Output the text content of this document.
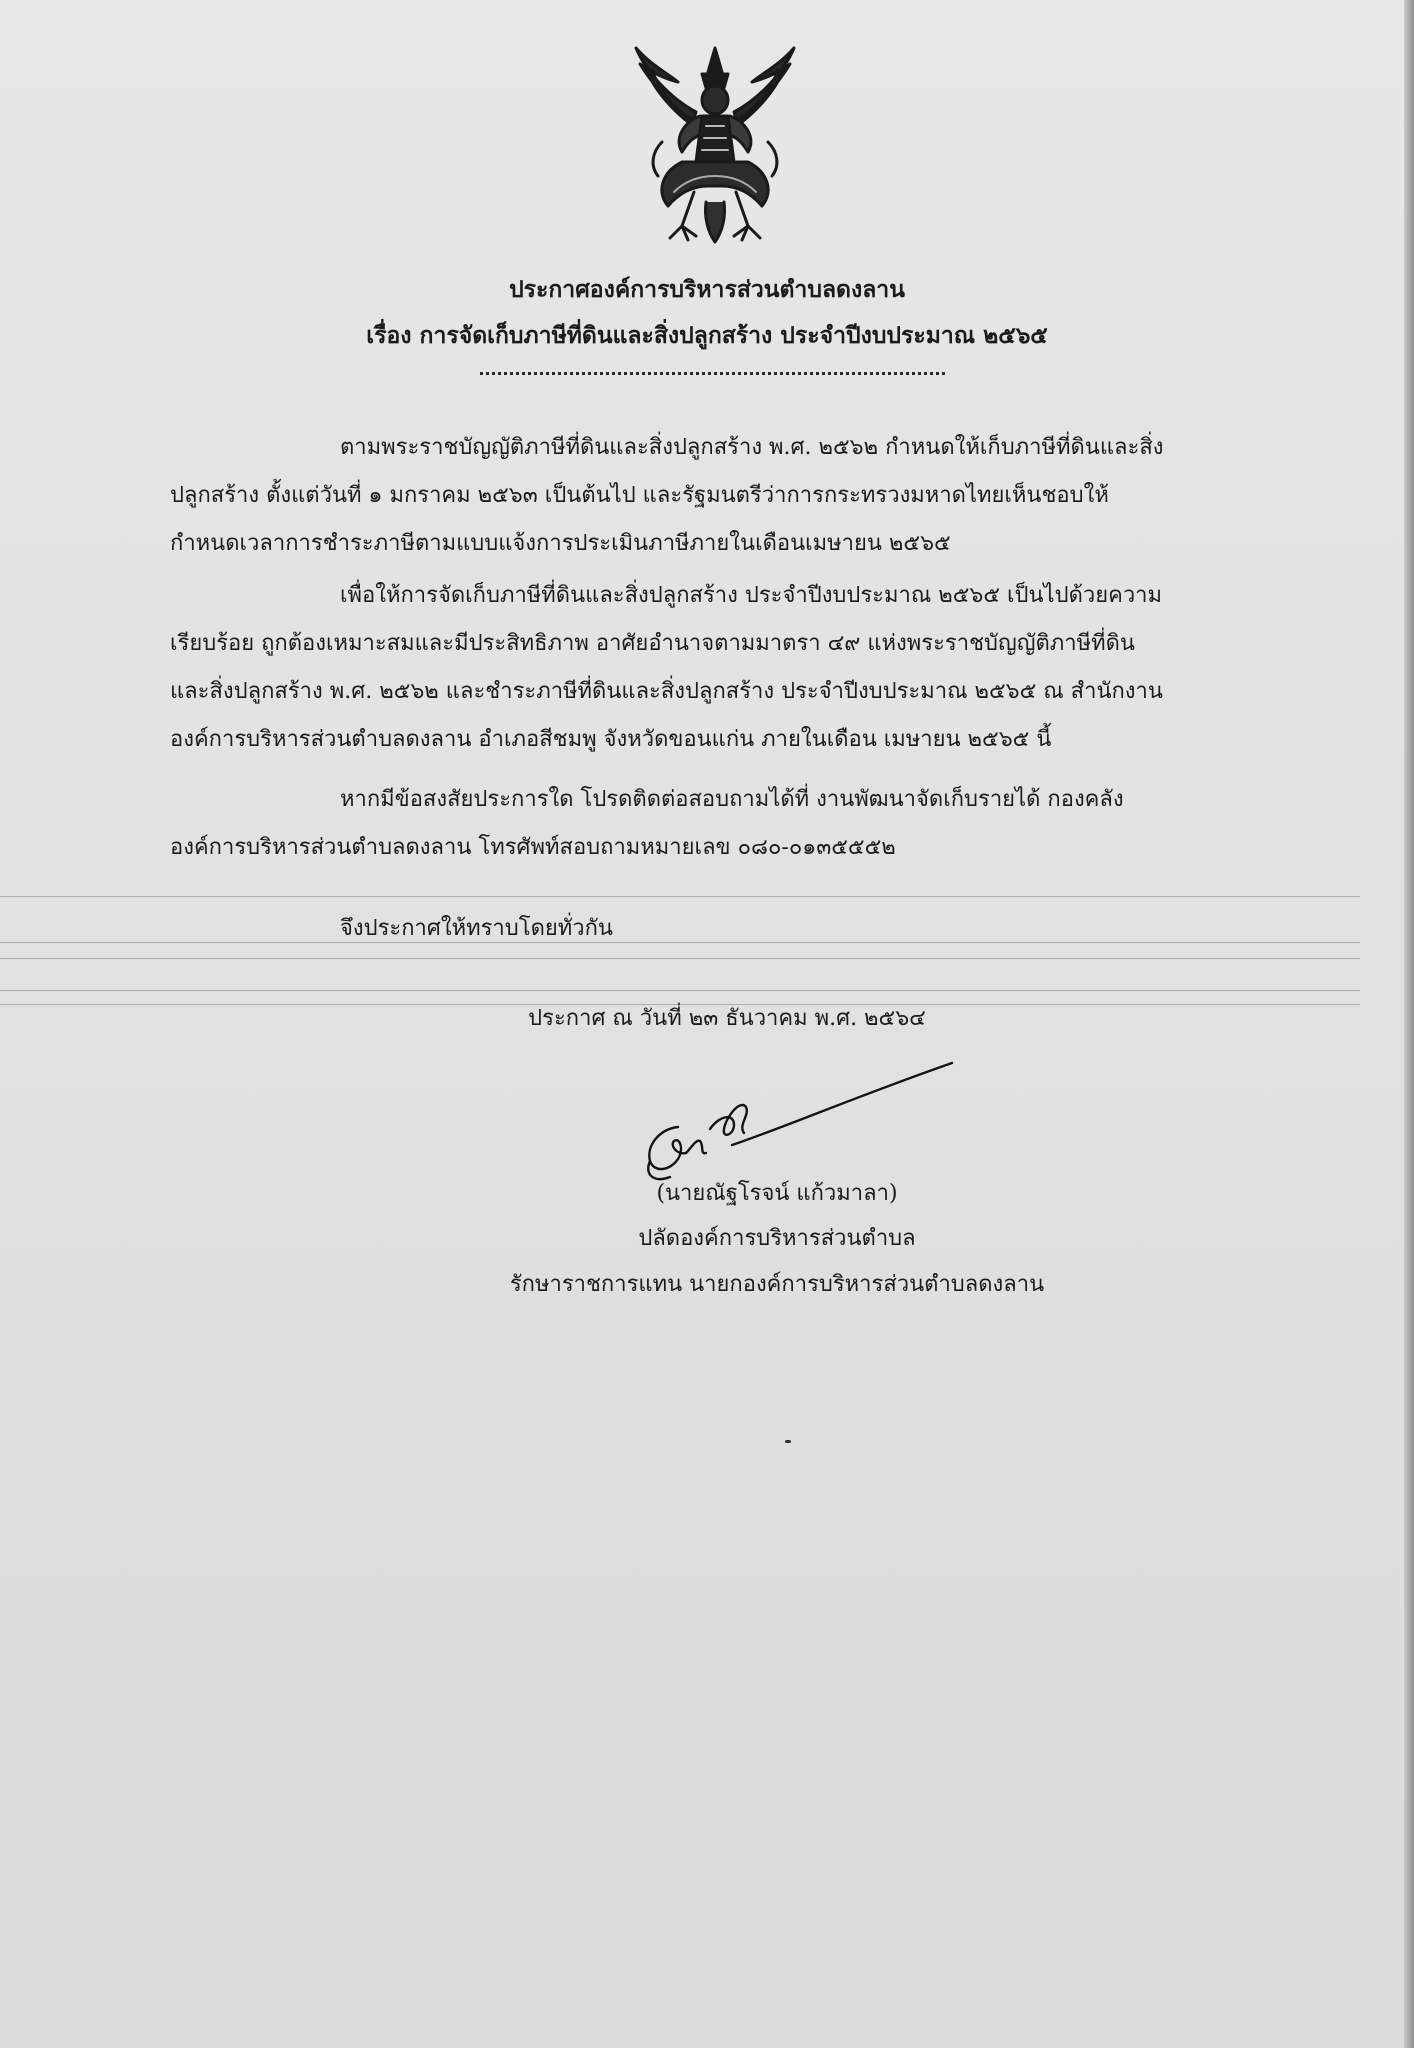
ประกาศองค์การบริหารส่วนตำบลดงลาน
เรื่อง การจัดเก็บภาษีที่ดินและสิ่งปลูกสร้าง ประจำปีงบประมาณ ๒๕๖๕
ตามพระราชบัญญัติภาษีที่ดินและสิ่งปลูกสร้าง พ.ศ. ๒๕๖๒ กำหนดให้เก็บภาษีที่ดินและสิ่ง
ปลูกสร้าง ตั้งแต่วันที่ ๑ มกราคม ๒๕๖๓ เป็นต้นไป และรัฐมนตรีว่าการกระทรวงมหาดไทยเห็นชอบให้
กำหนดเวลาการชำระภาษีตามแบบแจ้งการประเมินภาษีภายในเดือนเมษายน ๒๕๖๕
เพื่อให้การจัดเก็บภาษีที่ดินและสิ่งปลูกสร้าง ประจำปีงบประมาณ ๒๕๖๕ เป็นไปด้วยความ
เรียบร้อย ถูกต้องเหมาะสมและมีประสิทธิภาพ อาศัยอำนาจตามมาตรา ๔๙ แห่งพระราชบัญญัติภาษีที่ดิน
และสิ่งปลูกสร้าง พ.ศ. ๒๕๖๒ และชำระภาษีที่ดินและสิ่งปลูกสร้าง ประจำปีงบประมาณ ๒๕๖๕ ณ สำนักงาน
องค์การบริหารส่วนตำบลดงลาน อำเภอสีชมพู จังหวัดขอนแก่น ภายในเดือน เมษายน ๒๕๖๕ นี้
หากมีข้อสงสัยประการใด โปรดติดต่อสอบถามได้ที่ งานพัฒนาจัดเก็บรายได้ กองคลัง
องค์การบริหารส่วนตำบลดงลาน โทรศัพท์สอบถามหมายเลข ๐๘๐-๐๑๓๕๕๕๒
จึงประกาศให้ทราบโดยทั่วกัน
ประกาศ ณ วันที่ ๒๓ ธันวาคม พ.ศ. ๒๕๖๔
(นายณัฐโรจน์ แก้วมาลา)
ปลัดองค์การบริหารส่วนตำบล
รักษาราชการแทน นายกองค์การบริหารส่วนตำบลดงลาน
